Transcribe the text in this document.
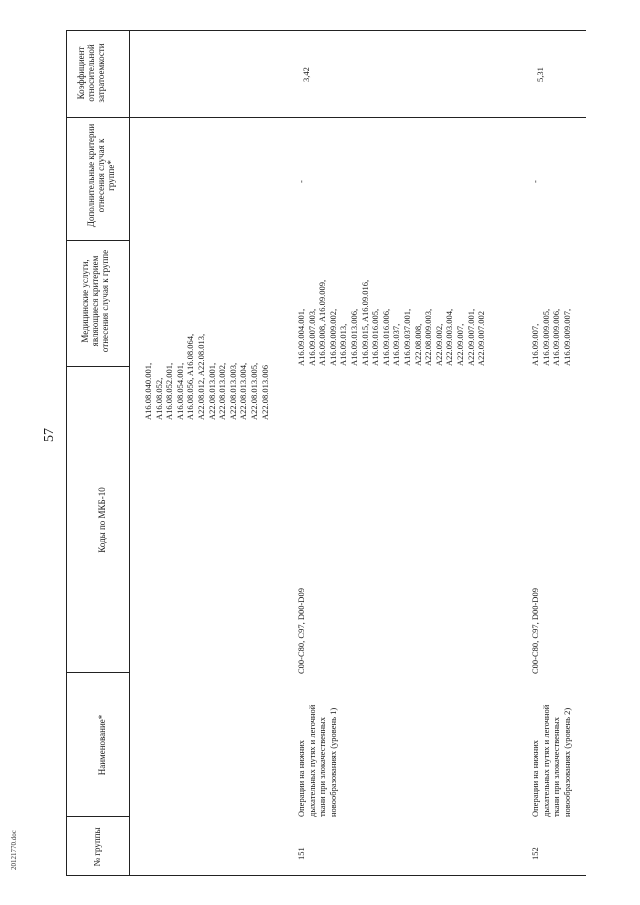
57
20121770.doc
Коэффициент относительной затратоемкости
Дополнительные критерии отнесения случая к группе*
Медицинские услуги, являющиеся критерием отнесения случая к группе
Коды по МКБ-10
Наименование*
№ группы
A16.08.040.001,
A16.08.052,
A16.08.052.001,
A16.08.054.001,
A16.08.056, A16.08.064,
A22.08.012, A22.08.013,
A22.08.013.001,
A22.08.013.002,
A22.08.013.003,
A22.08.013.004,
A22.08.013.005,
A22.08.013.006
151
Операции на нижних
дыхательных путях и легочной
ткани при злокачественных
новообразованиях (уровень 1)
C00-C80, C97, D00-D09
A16.09.004.001,
A16.09.007.003,
A16.09.008, A16.09.009,
A16.09.009.002,
A16.09.013,
A16.09.013.006,
A16.09.015, A16.09.016,
A16.09.016.005,
A16.09.016.006,
A16.09.037,
A16.09.037.001,
A22.08.008,
A22.08.009.003,
A22.09.002,
A22.09.003.004,
A22.09.007,
A22.09.007.001,
A22.09.007.002
-
3,42
152
Операции на нижних
дыхательных путях и легочной
ткани при злокачественных
новообразованиях (уровень 2)
C00-C80, C97, D00-D09
A16.09.007,
A16.09.009.005,
A16.09.009.006,
A16.09.009.007,
-
5,31
